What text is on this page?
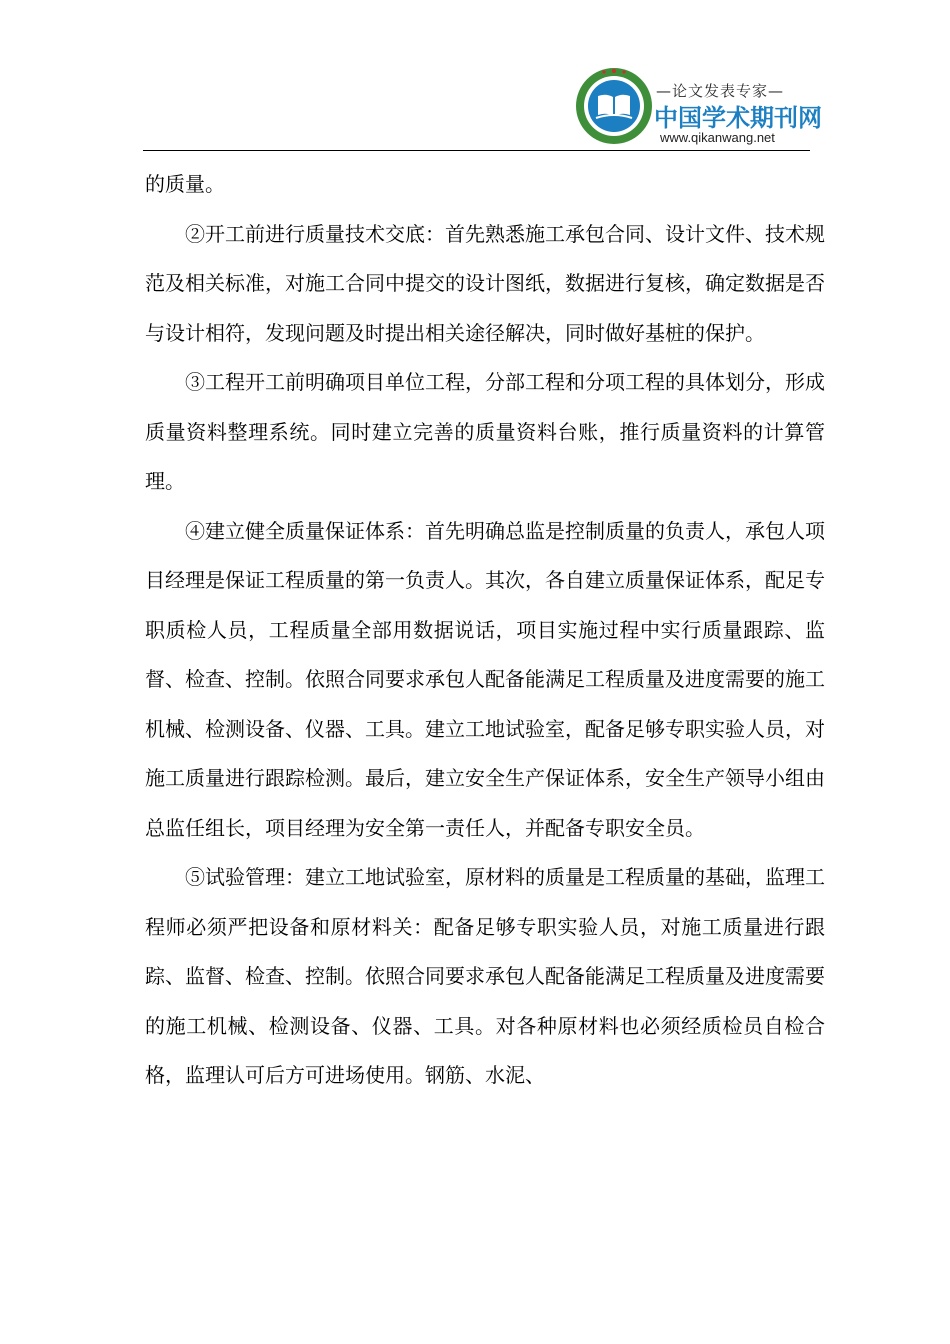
—论文发表专家—
中国学术期刊网
www.qikanwang.net

的质量。

②开工前进行质量技术交底：首先熟悉施工承包合同、设计文件、技术规范及相关标准，对施工合同中提交的设计图纸，数据进行复核，确定数据是否与设计相符，发现问题及时提出相关途径解决，同时做好基桩的保护。

③工程开工前明确项目单位工程，分部工程和分项工程的具体划分，形成质量资料整理系统。同时建立完善的质量资料台账，推行质量资料的计算管理。

④建立健全质量保证体系：首先明确总监是控制质量的负责人，承包人项目经理是保证工程质量的第一负责人。其次，各自建立质量保证体系，配足专职质检人员，工程质量全部用数据说话，项目实施过程中实行质量跟踪、监督、检查、控制。依照合同要求承包人配备能满足工程质量及进度需要的施工机械、检测设备、仪器、工具。建立工地试验室，配备足够专职实验人员，对施工质量进行跟踪检测。最后，建立安全生产保证体系，安全生产领导小组由总监任组长，项目经理为安全第一责任人，并配备专职安全员。

⑤试验管理：建立工地试验室，原材料的质量是工程质量的基础，监理工程师必须严把设备和原材料关：配备足够专职实验人员，对施工质量进行跟踪、监督、检查、控制。依照合同要求承包人配备能满足工程质量及进度需要的施工机械、检测设备、仪器、工具。对各种原材料也必须经质检员自检合格，监理认可后方可进场使用。钢筋、水泥、
